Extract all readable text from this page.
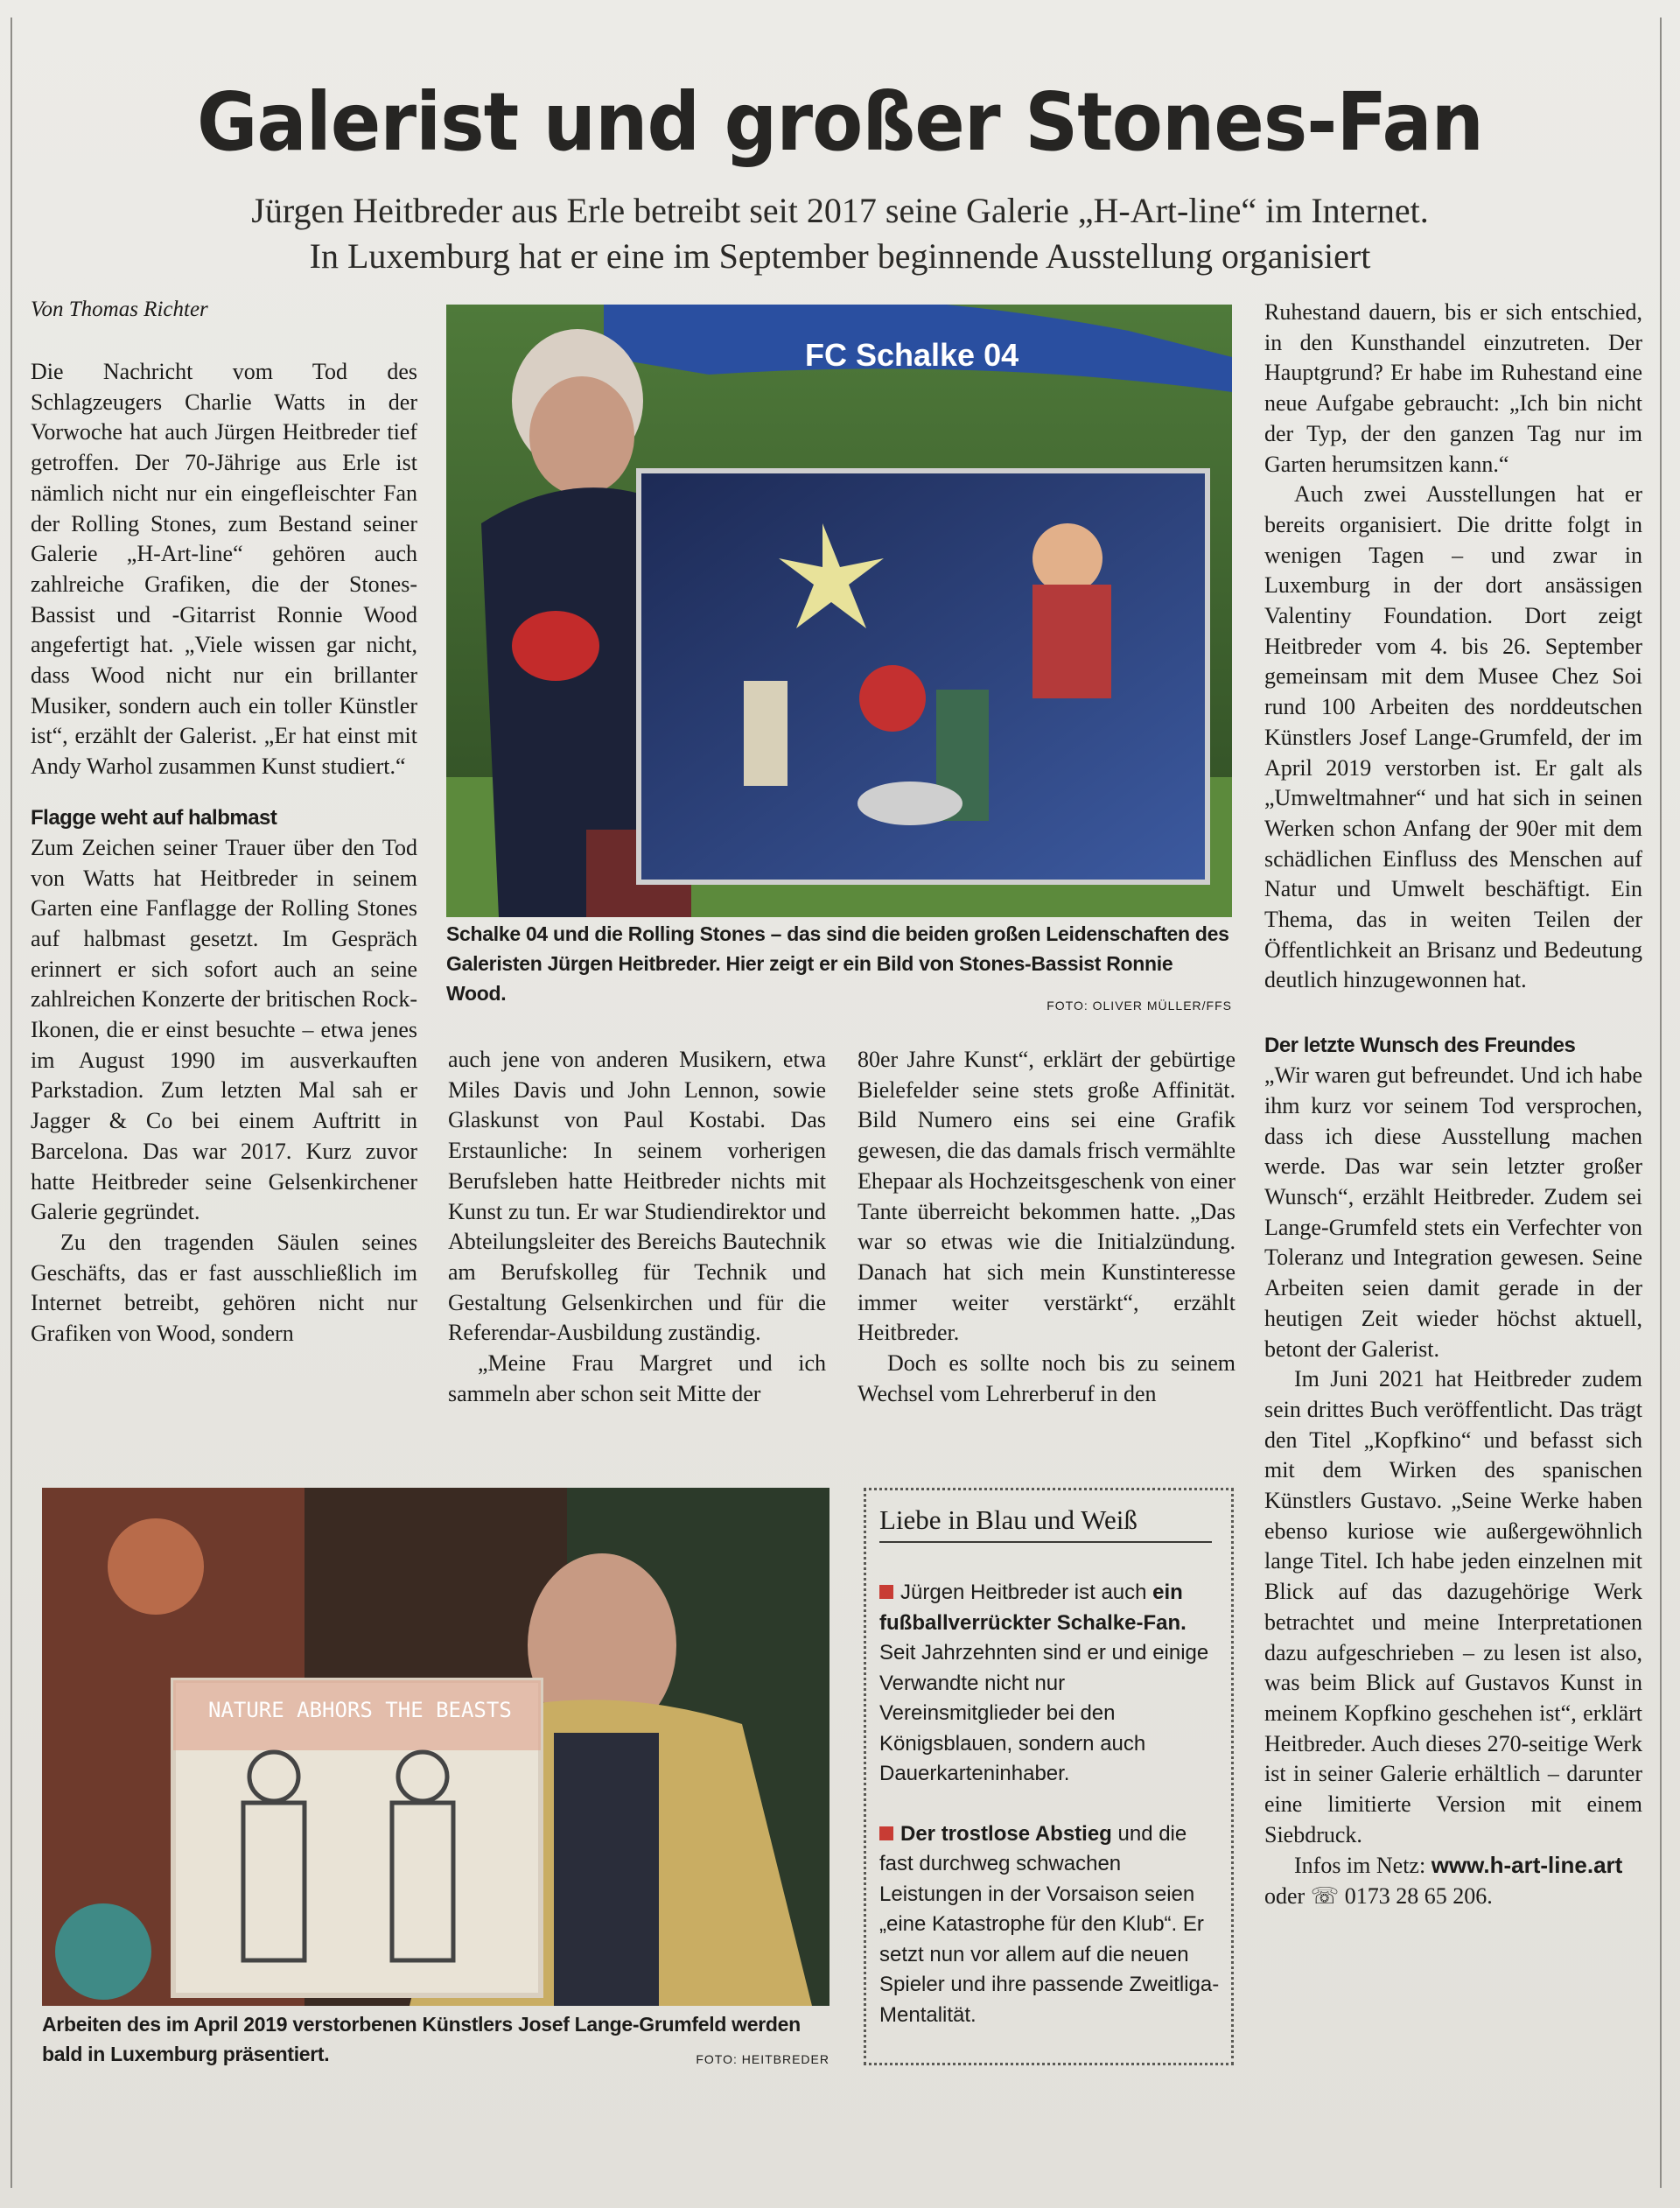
Galerist und großer Stones-Fan
Jürgen Heitbreder aus Erle betreibt seit 2017 seine Galerie „H-Art-line“ im Internet.
In Luxemburg hat er eine im September beginnende Ausstellung organisiert
Von Thomas Richter

Die Nachricht vom Tod des Schlagzeugers Charlie Watts in der Vorwoche hat auch Jürgen Heitbreder tief getroffen. Der 70-Jährige aus Erle ist nämlich nicht nur ein eingefleischter Fan der Rolling Stones, zum Bestand seiner Galerie „H-Art-line“ gehören auch zahlreiche Grafiken, die der Stones-Bassist und -Gitarrist Ronnie Wood angefertigt hat. „Viele wissen gar nicht, dass Wood nicht nur ein brillanter Musiker, sondern auch ein toller Künstler ist“, erzählt der Galerist. „Er hat einst mit Andy Warhol zusammen Kunst studiert.“

Flagge weht auf halbmast

Zum Zeichen seiner Trauer über den Tod von Watts hat Heitbreder in seinem Garten eine Fanflagge der Rolling Stones auf halbmast gesetzt. Im Gespräch erinnert er sich sofort auch an seine zahlreichen Konzerte der britischen Rock-Ikonen, die er einst besuchte – etwa jenes im August 1990 im ausverkauften Parkstadion. Zum letzten Mal sah er Jagger & Co bei einem Auftritt in Barcelona. Das war 2017. Kurz zuvor hatte Heitbreder seine Gelsenkirchener Galerie gegründet.

Zu den tragenden Säulen seines Geschäfts, das er fast ausschließlich im Internet betreibt, gehören nicht nur Grafiken von Wood, sondern

FC Schalke 04
Schalke 04 und die Rolling Stones – das sind die beiden großen Leidenschaften des Galeristen Jürgen Heitbreder. Hier zeigt er ein Bild von Stones-Bassist Ronnie Wood.
FOTO: OLIVER MÜLLER/FFS

auch jene von anderen Musikern, etwa Miles Davis und John Lennon, sowie Glaskunst von Paul Kostabi. Das Erstaunliche: In seinem vorherigen Berufsleben hatte Heitbreder nichts mit Kunst zu tun. Er war Studiendirektor und Abteilungsleiter des Bereichs Bautechnik am Berufskolleg für Technik und Gestaltung Gelsenkirchen und für die Referendar-Ausbildung zuständig.

„Meine Frau Margret und ich sammeln aber schon seit Mitte der

80er Jahre Kunst“, erklärt der gebürtige Bielefelder seine stets große Affinität. Bild Numero eins sei eine Grafik gewesen, die das damals frisch vermählte Ehepaar als Hochzeitsgeschenk von einer Tante überreicht bekommen hatte. „Das war so etwas wie die Initialzündung. Danach hat sich mein Kunstinteresse immer weiter verstärkt“, erzählt Heitbreder.

Doch es sollte noch bis zu seinem Wechsel vom Lehrerberuf in den

Ruhestand dauern, bis er sich entschied, in den Kunsthandel einzutreten. Der Hauptgrund? Er habe im Ruhestand eine neue Aufgabe gebraucht: „Ich bin nicht der Typ, der den ganzen Tag nur im Garten herumsitzen kann.“

Auch zwei Ausstellungen hat er bereits organisiert. Die dritte folgt in wenigen Tagen – und zwar in Luxemburg in der dort ansässigen Valentiny Foundation. Dort zeigt Heitbreder vom 4. bis 26. September gemeinsam mit dem Musee Chez Soi rund 100 Arbeiten des norddeutschen Künstlers Josef Lange-Grumfeld, der im April 2019 verstorben ist. Er galt als „Umweltmahner“ und hat sich in seinen Werken schon Anfang der 90er mit dem schädlichen Einfluss des Menschen auf Natur und Umwelt beschäftigt. Ein Thema, das in weiten Teilen der Öffentlichkeit an Brisanz und Bedeutung deutlich hinzugewonnen hat.

Der letzte Wunsch des Freundes

„Wir waren gut befreundet. Und ich habe ihm kurz vor seinem Tod versprochen, dass ich diese Ausstellung machen werde. Das war sein letzter großer Wunsch“, erzählt Heitbreder. Zudem sei Lange-Grumfeld stets ein Verfechter von Toleranz und Integration gewesen. Seine Arbeiten seien damit gerade in der heutigen Zeit wieder höchst aktuell, betont der Galerist.

Im Juni 2021 hat Heitbreder zudem sein drittes Buch veröffentlicht. Das trägt den Titel „Kopfkino“ und befasst sich mit dem Wirken des spanischen Künstlers Gustavo. „Seine Werke haben ebenso kuriose wie außergewöhnlich lange Titel. Ich habe jeden einzelnen mit Blick auf das dazugehörige Werk betrachtet und meine Interpretationen dazu aufgeschrieben – zu lesen ist also, was beim Blick auf Gustavos Kunst in meinem Kopfkino geschehen ist“, erklärt Heitbreder. Auch dieses 270-seitige Werk ist in seiner Galerie erhältlich – darunter eine limitierte Version mit einem Siebdruck.

Infos im Netz: www.h-art-line.art

oder ☏ 0173 28 65 206.

NATURE ABHORS THE BEASTS
Arbeiten des im April 2019 verstorbenen Künstlers Josef Lange-Grumfeld werden bald in Luxemburg präsentiert.	FOTO: HEITBREDER
Liebe in Blau und Weiß
Jürgen Heitbreder ist auch ein fußballverrückter Schalke-Fan. Seit Jahrzehnten sind er und einige Verwandte nicht nur Vereinsmitglieder bei den Königsblauen, sondern auch Dauerkarteninhaber.
Der trostlose Abstieg und die fast durchweg schwachen Leistungen in der Vorsaison seien „eine Katastrophe für den Klub“. Er setzt nun vor allem auf die neuen Spieler und ihre passende Zweitliga-Mentalität.
